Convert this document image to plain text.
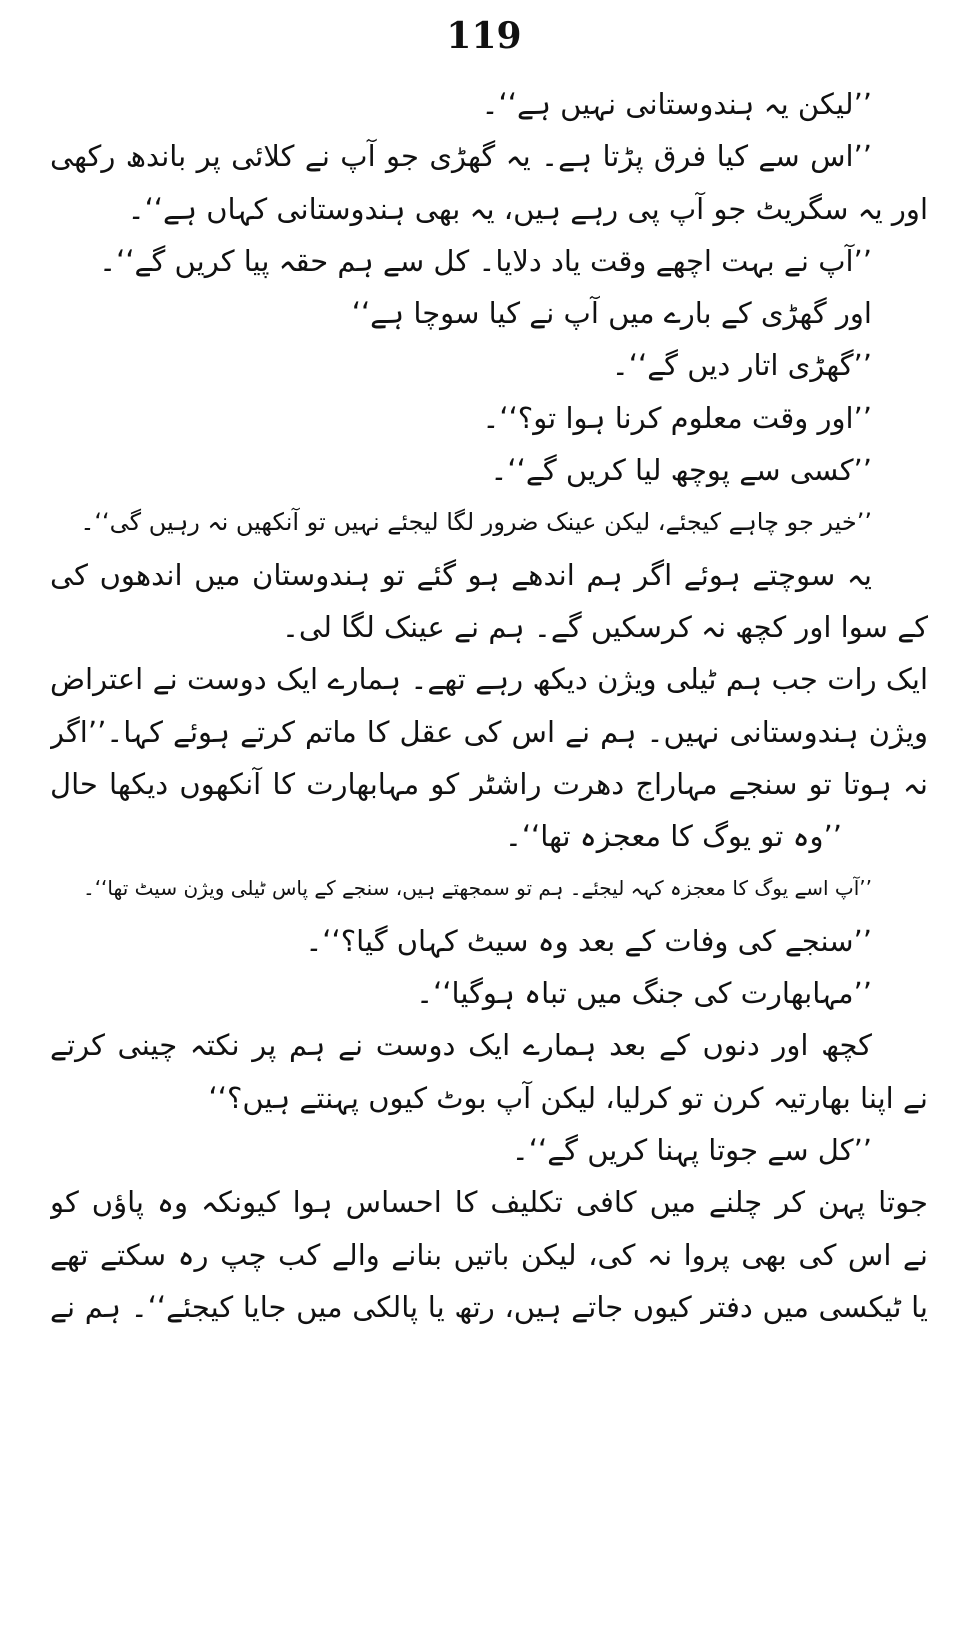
119
’’لیکن یہ ہندوستانی نہیں ہے‘‘۔
’’اس سے کیا فرق پڑتا ہے۔ یہ گھڑی جو آپ نے کلائی پر باندھ رکھی
اور یہ سگریٹ جو آپ پی رہے ہیں، یہ بھی ہندوستانی کہاں ہے‘‘۔
’’آپ نے بہت اچھے وقت یاد دلایا۔ کل سے ہم حقہ پیا کریں گے‘‘۔
اور گھڑی کے بارے میں آپ نے کیا سوچا ہے‘‘
’’گھڑی اتار دیں گے‘‘۔
’’اور وقت معلوم کرنا ہوا تو؟‘‘۔
’’کسی سے پوچھ لیا کریں گے‘‘۔
’’خیر جو چاہے کیجئے، لیکن عینک ضرور لگا لیجئے نہیں تو آنکھیں نہ رہیں گی‘‘۔
یہ سوچتے ہوئے اگر ہم اندھے ہو گئے تو ہندوستان میں اندھوں کی
کے سوا اور کچھ نہ کرسکیں گے۔ ہم نے عینک لگا لی۔
ایک رات جب ہم ٹیلی ویژن دیکھ رہے تھے۔ ہمارے ایک دوست نے اعتراض
ویژن ہندوستانی نہیں۔ ہم نے اس کی عقل کا ماتم کرتے ہوئے کہا۔’’اگر
نہ ہوتا تو سنجے مہاراج دھرت راشٹر کو مہابھارت کا آنکھوں دیکھا حال
’’وہ تو یوگ کا معجزہ تھا‘‘۔
’’آپ اسے یوگ کا معجزہ کہہ لیجئے۔ ہم تو سمجھتے ہیں، سنجے کے پاس ٹیلی ویژن سیٹ تھا‘‘۔
’’سنجے کی وفات کے بعد وہ سیٹ کہاں گیا؟‘‘۔
’’مہابھارت کی جنگ میں تباہ ہوگیا‘‘۔
کچھ اور دنوں کے بعد ہمارے ایک دوست نے ہم پر نکتہ چینی کرتے
نے اپنا بھارتیہ کرن تو کرلیا، لیکن آپ بوٹ کیوں پہنتے ہیں؟‘‘
’’کل سے جوتا پہنا کریں گے‘‘۔
جوتا پہن کر چلنے میں کافی تکلیف کا احساس ہوا کیونکہ وہ پاؤں کو
نے اس کی بھی پروا نہ کی، لیکن باتیں بنانے والے کب چپ رہ سکتے تھے
یا ٹیکسی میں دفتر کیوں جاتے ہیں، رتھ یا پالکی میں جایا کیجئے‘‘۔ ہم نے
